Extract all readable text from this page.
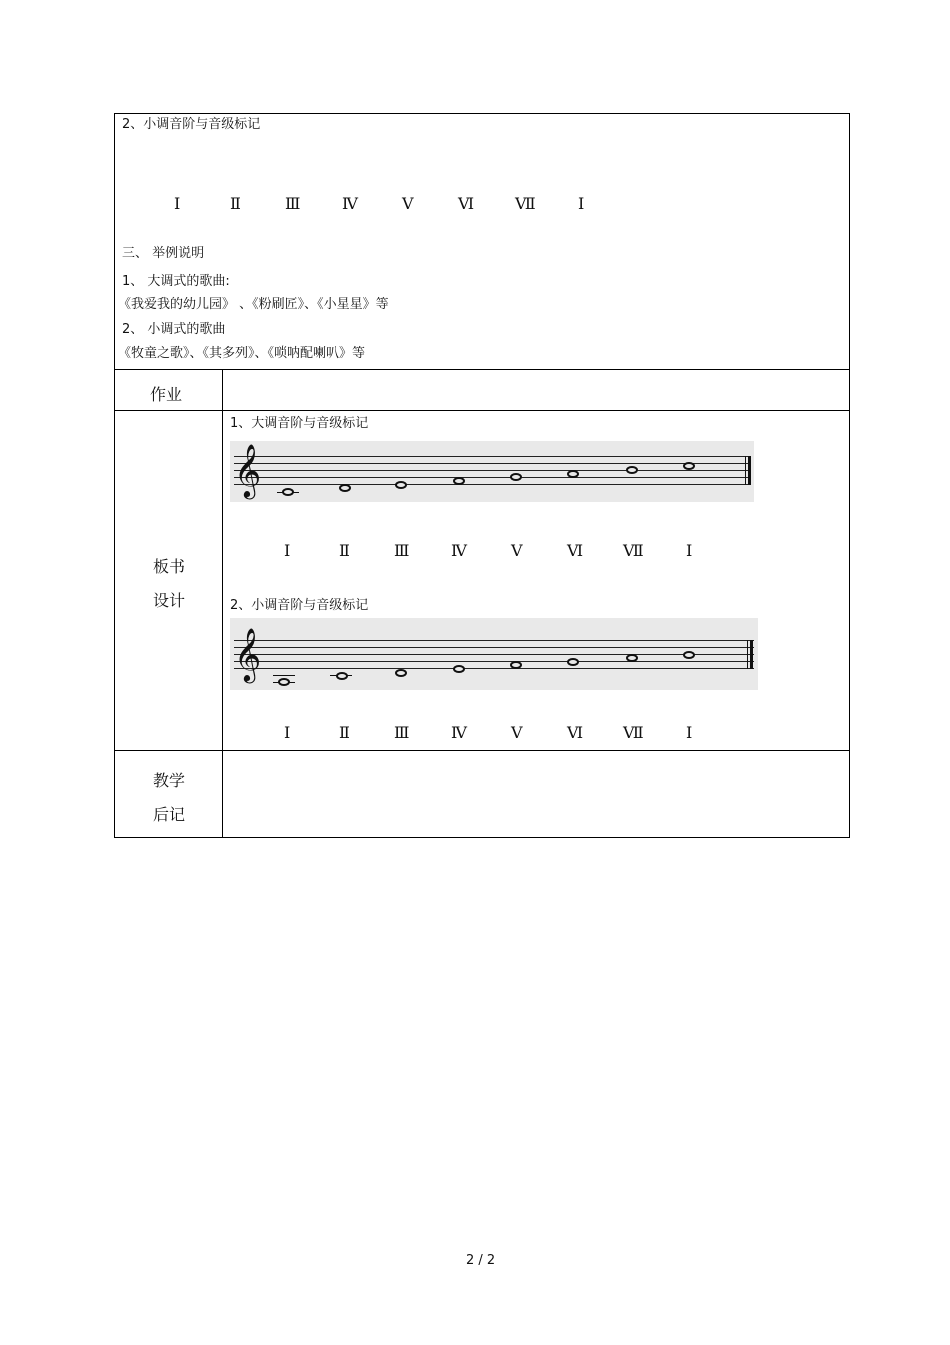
2、小调音阶与音级标记
Ⅰ	Ⅱ	Ⅲ	Ⅳ	Ⅴ	Ⅵ	Ⅶ	Ⅰ
三、 举例说明
1、 大调式的歌曲:
《我爱我的幼儿园》 、《粉刷匠》、《小星星》等
2、 小调式的歌曲
《牧童之歌》、《其多列》、《唢呐配喇叭》等
作业
板书
设计
1、大调音阶与音级标记
𝄞
Ⅰ	Ⅱ	Ⅲ	Ⅳ	Ⅴ	Ⅵ Ⅶ	Ⅰ
2、小调音阶与音级标记
𝄞
Ⅰ	Ⅱ	Ⅲ	Ⅳ	Ⅴ	Ⅵ Ⅶ	Ⅰ
教学
后记
2 / 2
